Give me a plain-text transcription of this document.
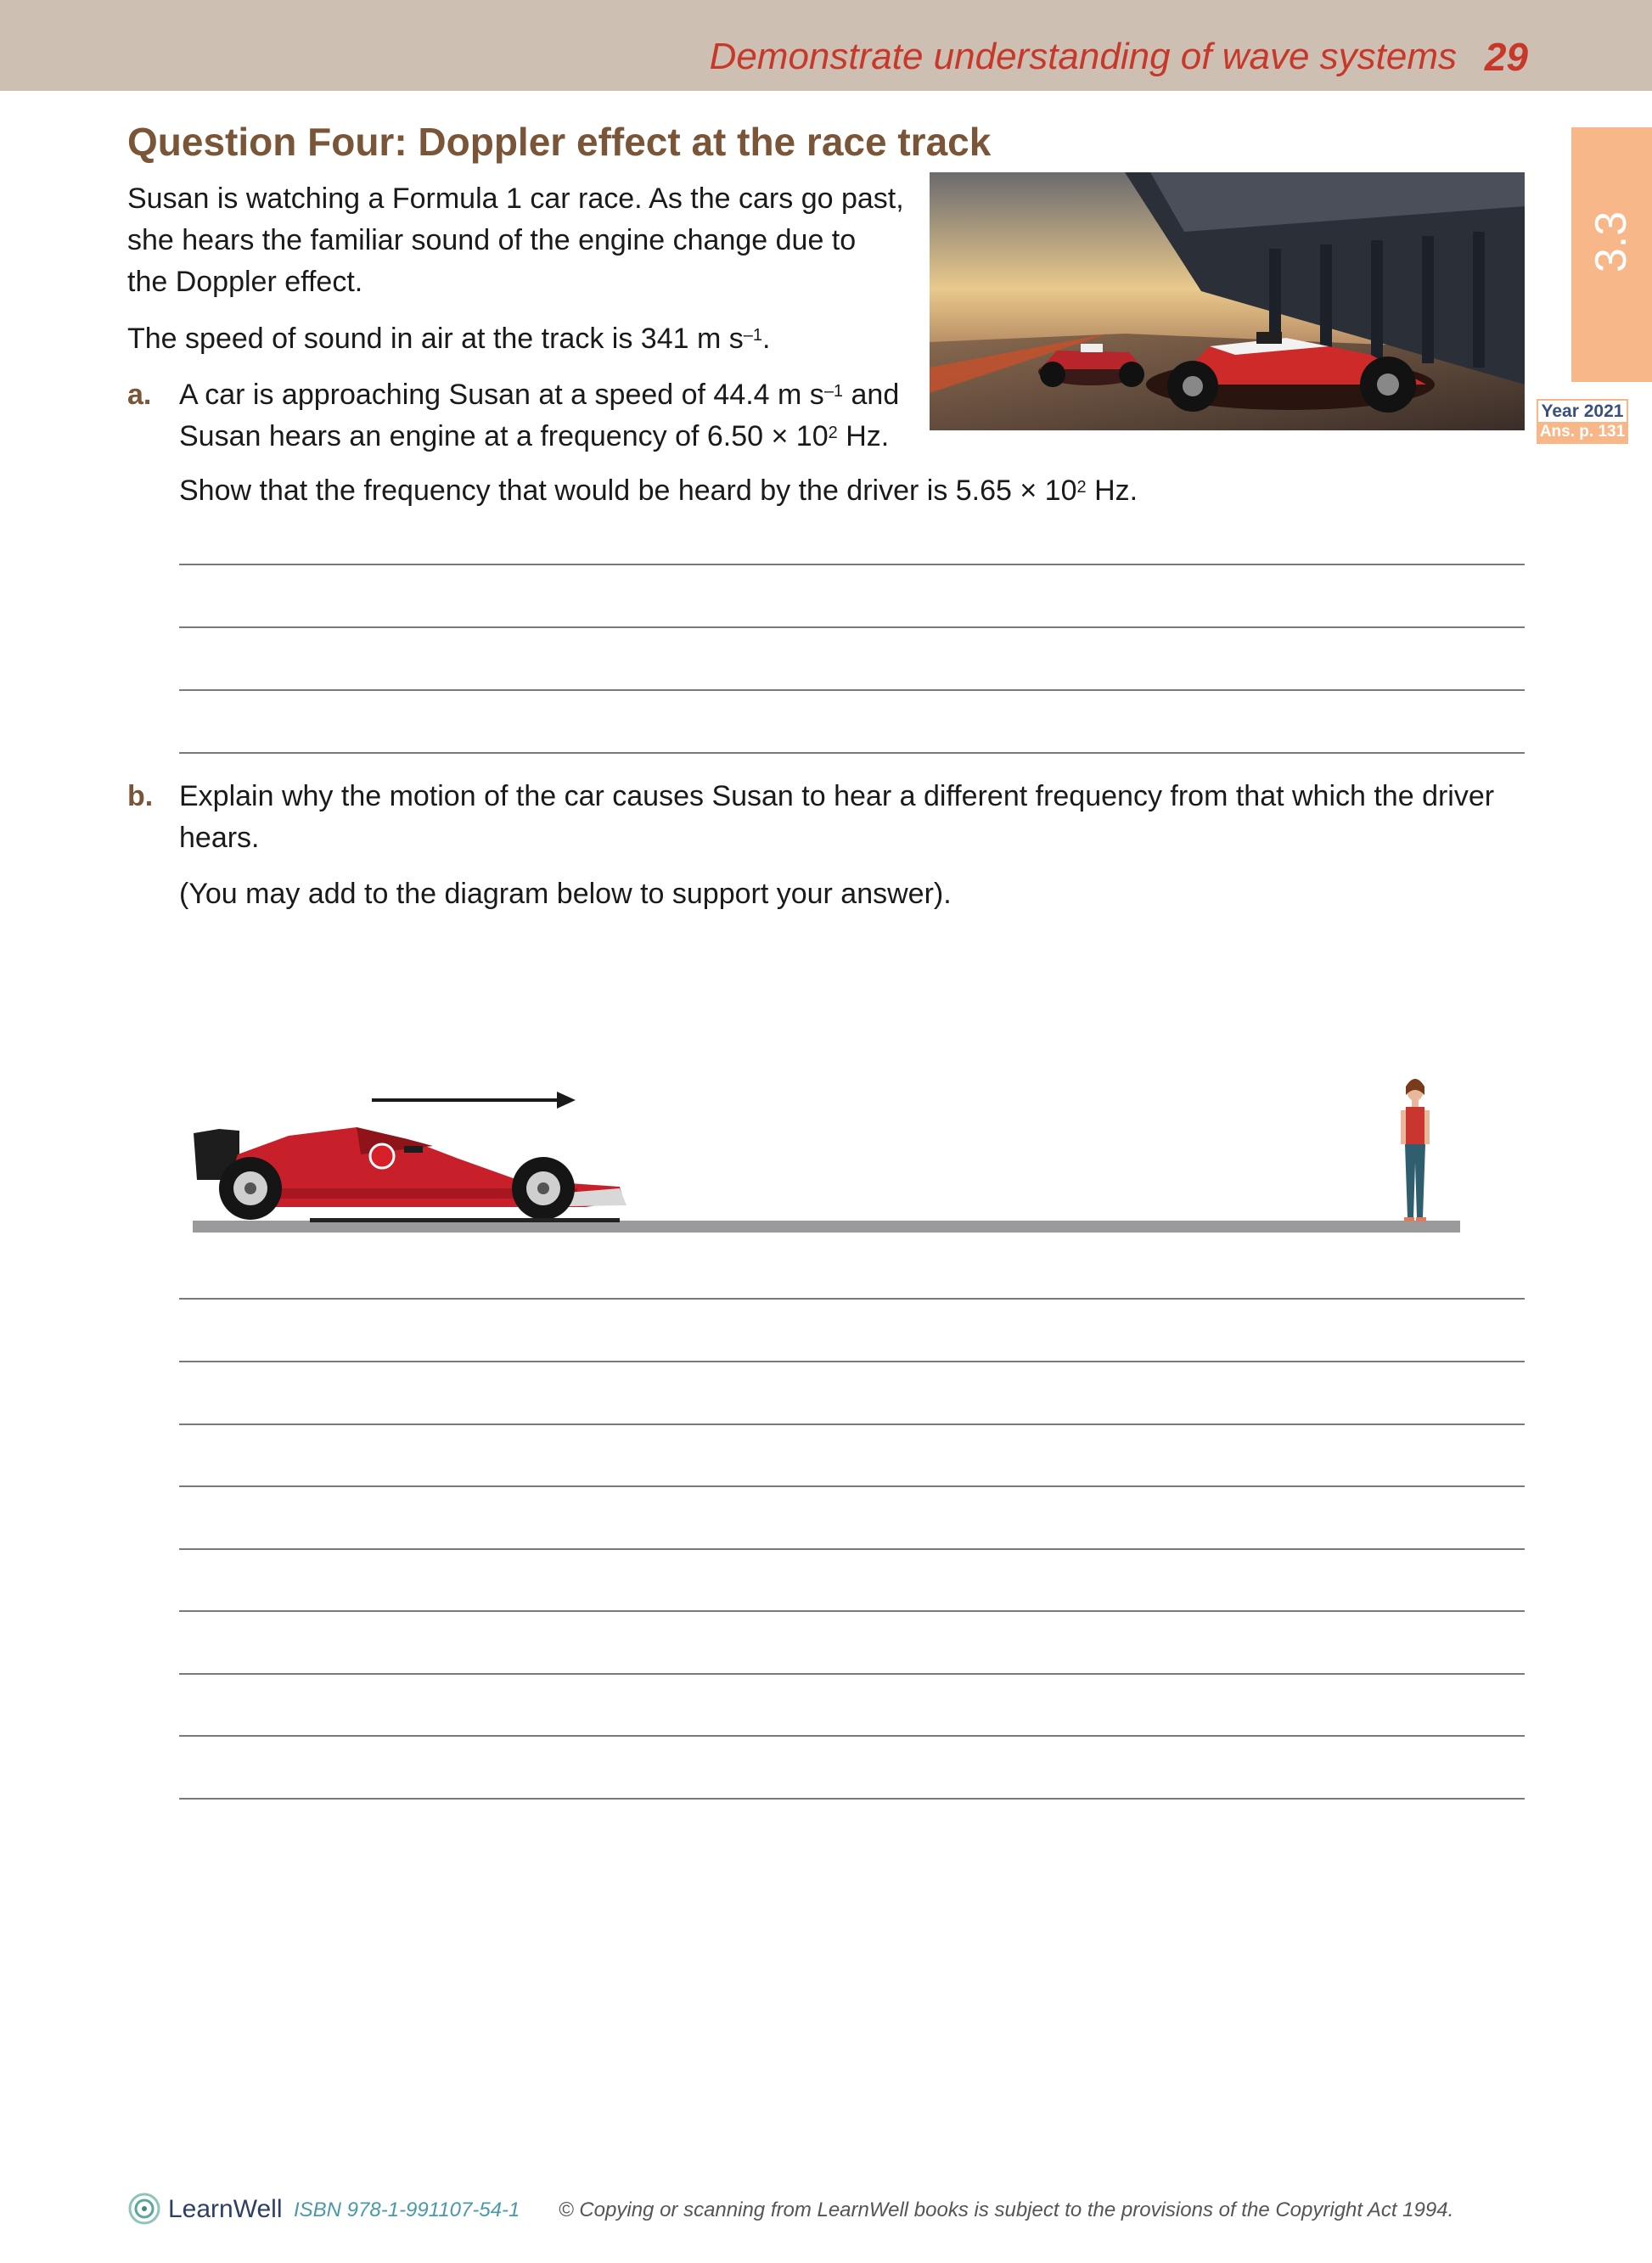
Demonstrate understanding of wave systems 29
3.3
Year 2021
Ans. p. 131
Question Four: Doppler effect at the race track
Susan is watching a Formula 1 car race. As the cars go past,
she hears the familiar sound of the engine change due to
the Doppler effect.
The speed of sound in air at the track is 341 m $s^{-1}$.
a. A car is approaching Susan at a speed of 44.4 m $s^{-1}$ and
Susan hears an engine at a frequency of $6.50 \times 10^2$ Hz.
Show that the frequency that would be heard by the driver is $5.65 \times 10^2$ Hz.
b. Explain why the motion of the car causes Susan to hear a different frequency from that which the driver
hears.
(You may add to the diagram below to support your answer).
LearnWell ISBN 978-1-991107-54-1 © Copying or scanning from LearnWell books is subject to the provisions of the Copyright Act 1994.
